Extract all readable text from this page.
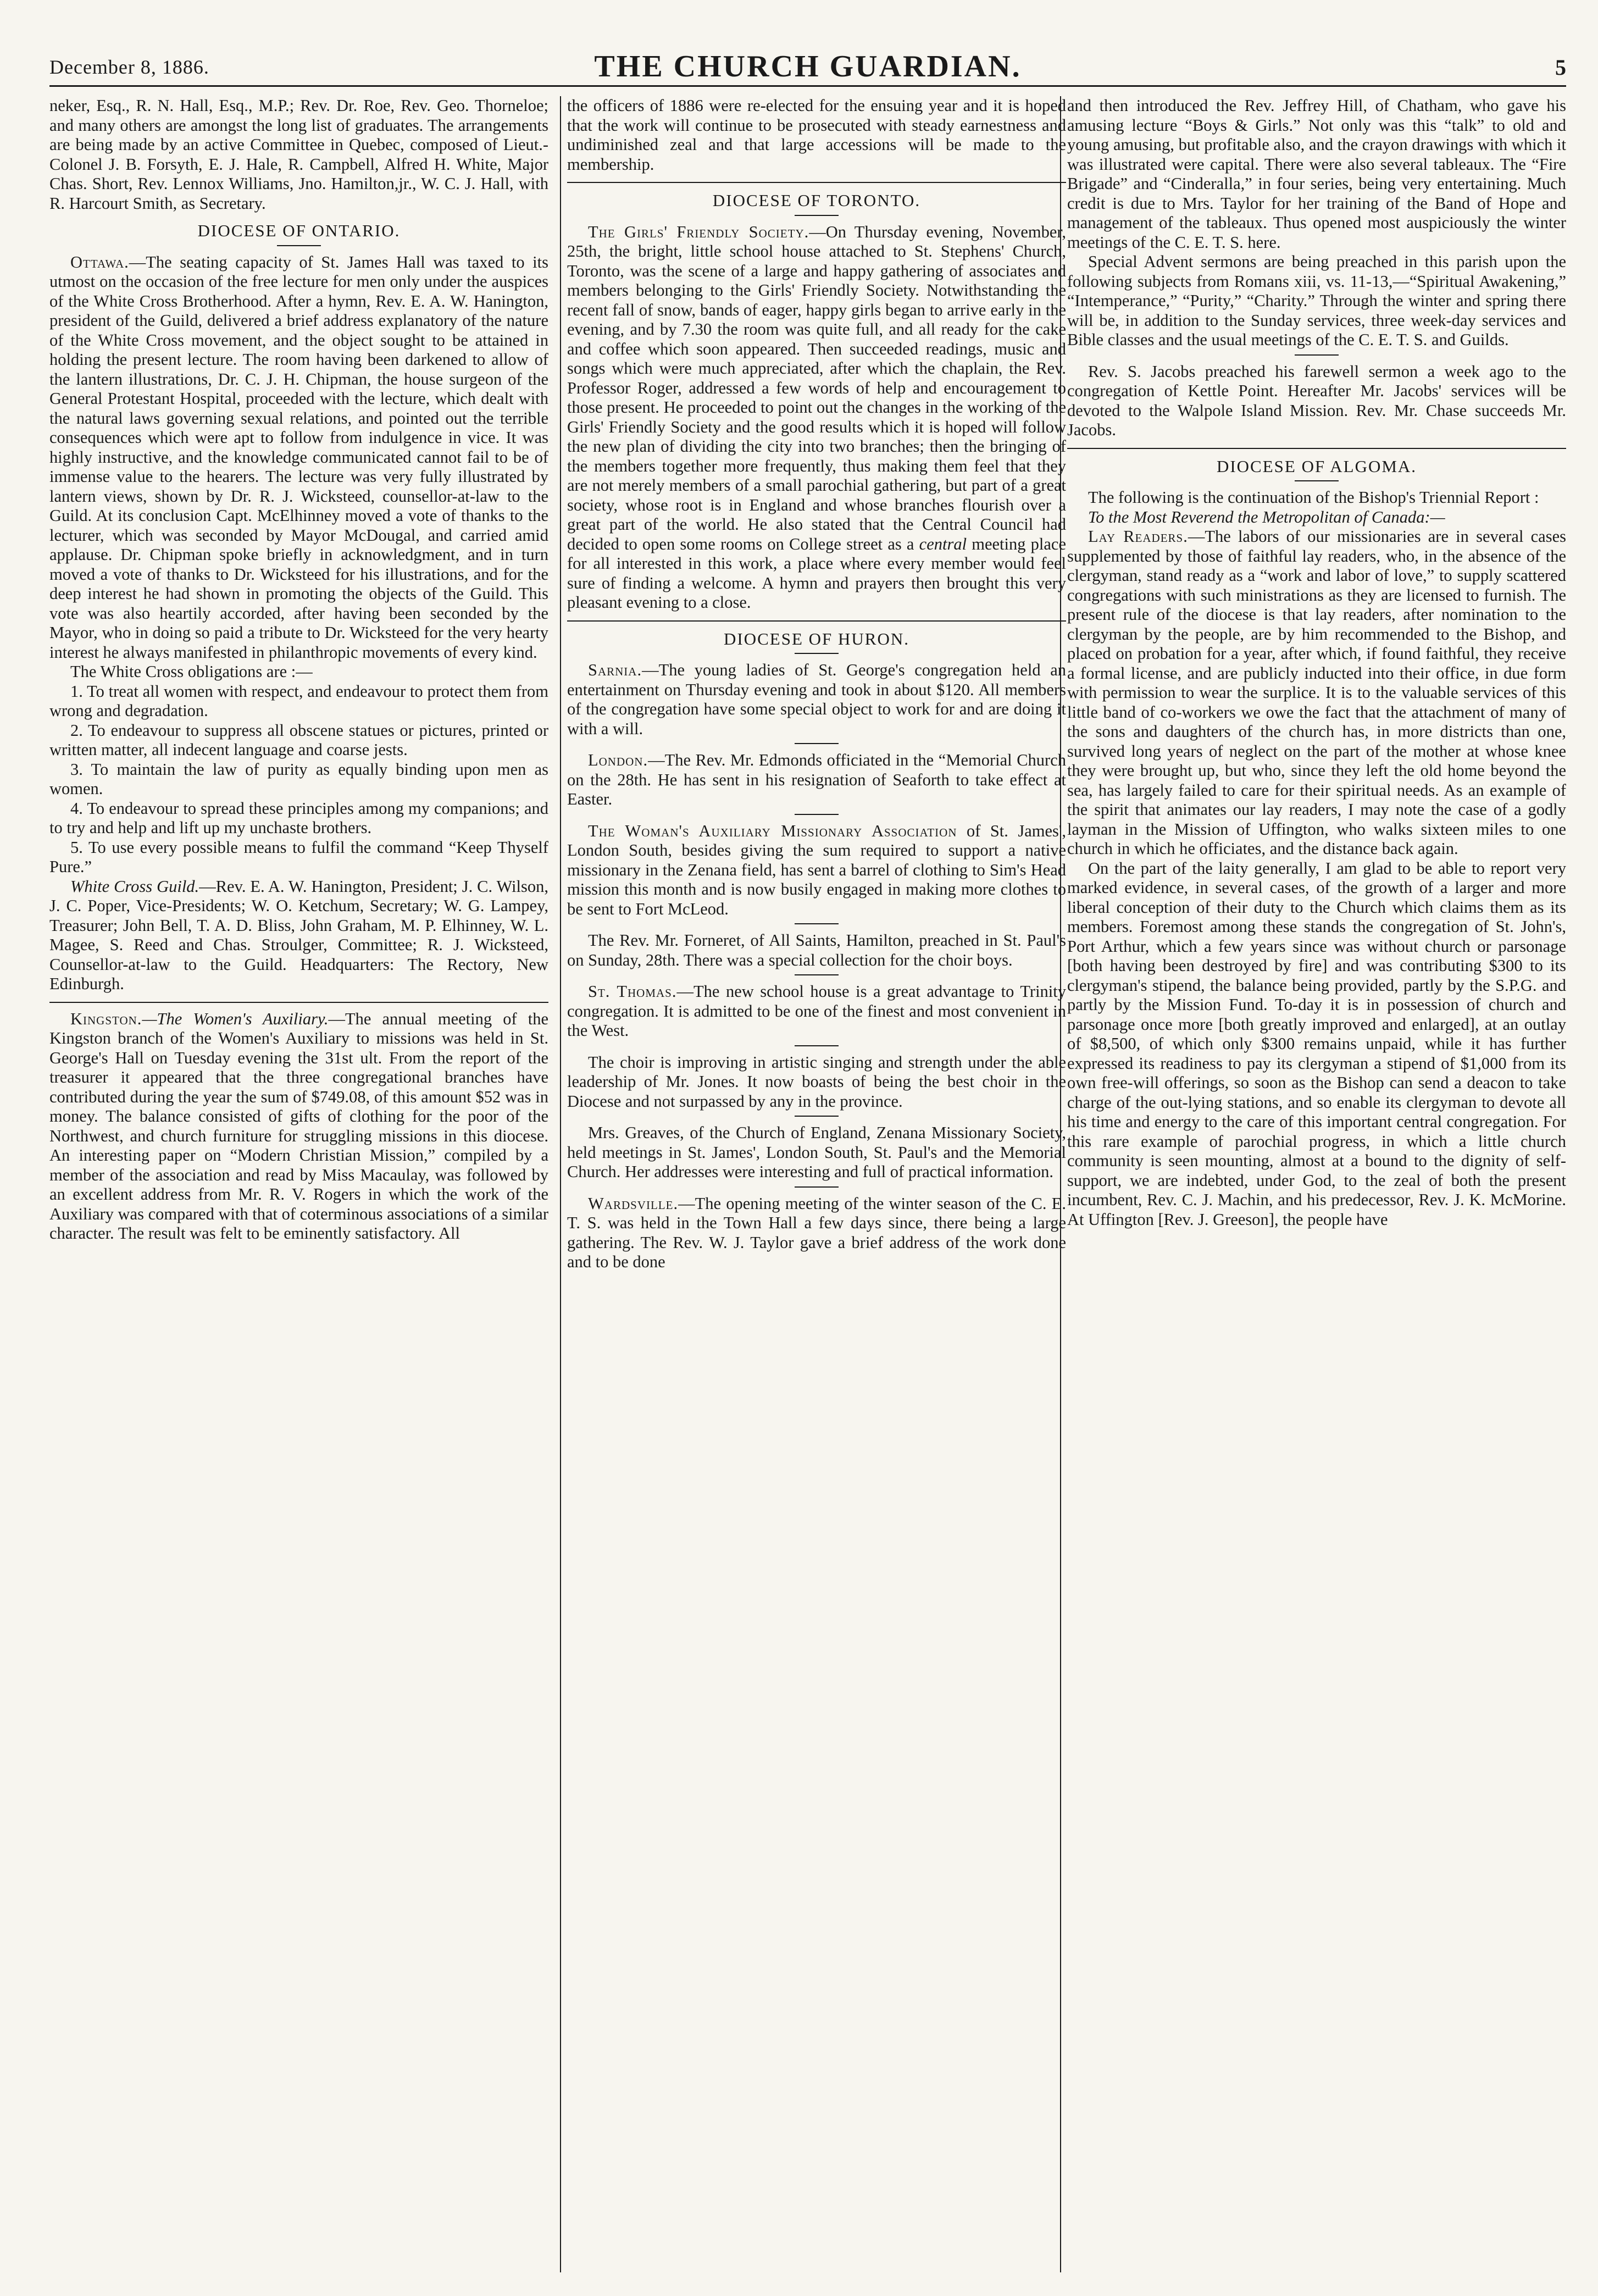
December 8, 1886.	THE CHURCH GUARDIAN.	5

neker, Esq., R. N. Hall, Esq., M.P.; Rev. Dr. Roe, Rev. Geo. Thorneloe; and many others are amongst the long list of graduates. The arrangements are being made by an active Committee in Quebec, composed of Lieut.-Colonel J. B. Forsyth, E. J. Hale, R. Campbell, Alfred H. White, Major Chas. Short, Rev. Lennox Williams, Jno. Hamilton,jr., W. C. J. Hall, with R. Harcourt Smith, as Secretary.

DIOCESE OF ONTARIO.

Ottawa.—The seating capacity of St. James Hall was taxed to its utmost on the occasion of the free lecture for men only under the auspices of the White Cross Brotherhood. After a hymn, Rev. E. A. W. Hanington, president of the Guild, delivered a brief address explanatory of the nature of the White Cross movement, and the object sought to be attained in holding the present lecture. The room having been darkened to allow of the lantern illustrations, Dr. C. J. H. Chipman, the house surgeon of the General Protestant Hospital, proceeded with the lecture, which dealt with the natural laws governing sexual relations, and pointed out the terrible consequences which were apt to follow from indulgence in vice. It was highly instructive, and the knowledge communicated cannot fail to be of immense value to the hearers. The lecture was very fully illustrated by lantern views, shown by Dr. R. J. Wicksteed, counsellor-at-law to the Guild. At its conclusion Capt. McElhinney moved a vote of thanks to the lecturer, which was seconded by Mayor McDougal, and carried amid applause. Dr. Chipman spoke briefly in acknowledgment, and in turn moved a vote of thanks to Dr. Wicksteed for his illustrations, and for the deep interest he had shown in promoting the objects of the Guild. This vote was also heartily accorded, after having been seconded by the Mayor, who in doing so paid a tribute to Dr. Wicksteed for the very hearty interest he always manifested in philanthropic movements of every kind.

The White Cross obligations are :—

1. To treat all women with respect, and endeavour to protect them from wrong and degradation.

2. To endeavour to suppress all obscene statues or pictures, printed or written matter, all indecent language and coarse jests.

3. To maintain the law of purity as equally binding upon men as women.

4. To endeavour to spread these principles among my companions; and to try and help and lift up my unchaste brothers.

5. To use every possible means to fulfil the command “Keep Thyself Pure.”

White Cross Guild.—Rev. E. A. W. Hanington, President; J. C. Wilson, J. C. Poper, Vice-Presidents; W. O. Ketchum, Secretary; W. G. Lampey, Treasurer; John Bell, T. A. D. Bliss, John Graham, M. P. Elhinney, W. L. Magee, S. Reed and Chas. Stroulger, Committee; R. J. Wicksteed, Counsellor-at-law to the Guild. Headquarters: The Rectory, New Edinburgh.

Kingston.—The Women's Auxiliary.—The annual meeting of the Kingston branch of the Women's Auxiliary to missions was held in St. George's Hall on Tuesday evening the 31st ult. From the report of the treasurer it appeared that the three congregational branches have contributed during the year the sum of $749.08, of this amount $52 was in money. The balance consisted of gifts of clothing for the poor of the Northwest, and church furniture for struggling missions in this diocese. An interesting paper on “Modern Christian Mission,” compiled by a member of the association and read by Miss Macaulay, was followed by an excellent address from Mr. R. V. Rogers in which the work of the Auxiliary was compared with that of coterminous associations of a similar character. The result was felt to be eminently satisfactory. All

the officers of 1886 were re-elected for the ensuing year and it is hoped that the work will continue to be prosecuted with steady earnestness and undiminished zeal and that large accessions will be made to the membership.

DIOCESE OF TORONTO.

The Girls' Friendly Society.—On Thursday evening, November, 25th, the bright, little school house attached to St. Stephens' Church, Toronto, was the scene of a large and happy gathering of associates and members belonging to the Girls' Friendly Society. Notwithstanding the recent fall of snow, bands of eager, happy girls began to arrive early in the evening, and by 7.30 the room was quite full, and all ready for the cake and coffee which soon appeared. Then succeeded readings, music and songs which were much appreciated, after which the chaplain, the Rev. Professor Roger, addressed a few words of help and encouragement to those present. He proceeded to point out the changes in the working of the Girls' Friendly Society and the good results which it is hoped will follow the new plan of dividing the city into two branches; then the bringing of the members together more frequently, thus making them feel that they are not merely members of a small parochial gathering, but part of a great society, whose root is in England and whose branches flourish over a great part of the world. He also stated that the Central Council had decided to open some rooms on College street as a central meeting place for all interested in this work, a place where every member would feel sure of finding a welcome. A hymn and prayers then brought this very pleasant evening to a close.

DIOCESE OF HURON.

Sarnia.—The young ladies of St. George's congregation held an entertainment on Thursday evening and took in about $120. All members of the congregation have some special object to work for and are doing it with a will.

London.—The Rev. Mr. Edmonds officiated in the “Memorial Church on the 28th. He has sent in his resignation of Seaforth to take effect at Easter.

The Woman's Auxiliary Missionary Association of St. James', London South, besides giving the sum required to support a native missionary in the Zenana field, has sent a barrel of clothing to Sim's Head mission this month and is now busily engaged in making more clothes to be sent to Fort McLeod.

The Rev. Mr. Forneret, of All Saints, Hamilton, preached in St. Paul's on Sunday, 28th. There was a special collection for the choir boys.

St. Thomas.—The new school house is a great advantage to Trinity congregation. It is admitted to be one of the finest and most convenient in the West.

The choir is improving in artistic singing and strength under the able leadership of Mr. Jones. It now boasts of being the best choir in the Diocese and not surpassed by any in the province.

Mrs. Greaves, of the Church of England, Zenana Missionary Society, held meetings in St. James', London South, St. Paul's and the Memorial Church. Her addresses were interesting and full of practical information.

Wardsville.—The opening meeting of the winter season of the C. E. T. S. was held in the Town Hall a few days since, there being a large gathering. The Rev. W. J. Taylor gave a brief address of the work done and to be done

and then introduced the Rev. Jeffrey Hill, of Chatham, who gave his amusing lecture “Boys & Girls.” Not only was this “talk” to old and young amusing, but profitable also, and the crayon drawings with which it was illustrated were capital. There were also several tableaux. The “Fire Brigade” and “Cinderalla,” in four series, being very entertaining. Much credit is due to Mrs. Taylor for her training of the Band of Hope and management of the tableaux. Thus opened most auspiciously the winter meetings of the C. E. T. S. here.

Special Advent sermons are being preached in this parish upon the following subjects from Romans xiii, vs. 11-13,—“Spiritual Awakening,” “Intemperance,” “Purity,” “Charity.” Through the winter and spring there will be, in addition to the Sunday services, three week-day services and Bible classes and the usual meetings of the C. E. T. S. and Guilds.

Rev. S. Jacobs preached his farewell sermon a week ago to the congregation of Kettle Point. Hereafter Mr. Jacobs' services will be devoted to the Walpole Island Mission. Rev. Mr. Chase succeeds Mr. Jacobs.

DIOCESE OF ALGOMA.

The following is the continuation of the Bishop's Triennial Report :

To the Most Reverend the Metropolitan of Canada:—

Lay Readers.—The labors of our missionaries are in several cases supplemented by those of faithful lay readers, who, in the absence of the clergyman, stand ready as a “work and labor of love,” to supply scattered congregations with such ministrations as they are licensed to furnish. The present rule of the diocese is that lay readers, after nomination to the clergyman by the people, are by him recommended to the Bishop, and placed on probation for a year, after which, if found faithful, they receive a formal license, and are publicly inducted into their office, in due form with permission to wear the surplice. It is to the valuable services of this little band of co-workers we owe the fact that the attachment of many of the sons and daughters of the church has, in more districts than one, survived long years of neglect on the part of the mother at whose knee they were brought up, but who, since they left the old home beyond the sea, has largely failed to care for their spiritual needs. As an example of the spirit that animates our lay readers, I may note the case of a godly layman in the Mission of Uffington, who walks sixteen miles to one church in which he officiates, and the distance back again.

On the part of the laity generally, I am glad to be able to report very marked evidence, in several cases, of the growth of a larger and more liberal conception of their duty to the Church which claims them as its members. Foremost among these stands the congregation of St. John's, Port Arthur, which a few years since was without church or parsonage [both having been destroyed by fire] and was contributing $300 to its clergyman's stipend, the balance being provided, partly by the S.P.G. and partly by the Mission Fund. To-day it is in possession of church and parsonage once more [both greatly improved and enlarged], at an outlay of $8,500, of which only $300 remains unpaid, while it has further expressed its readiness to pay its clergyman a stipend of $1,000 from its own free-will offerings, so soon as the Bishop can send a deacon to take charge of the out-lying stations, and so enable its clergyman to devote all his time and energy to the care of this important central congregation. For this rare example of parochial progress, in which a little church community is seen mounting, almost at a bound to the dignity of self-support, we are indebted, under God, to the zeal of both the present incumbent, Rev. C. J. Machin, and his predecessor, Rev. J. K. McMorine. At Uffington [Rev. J. Greeson], the people have
